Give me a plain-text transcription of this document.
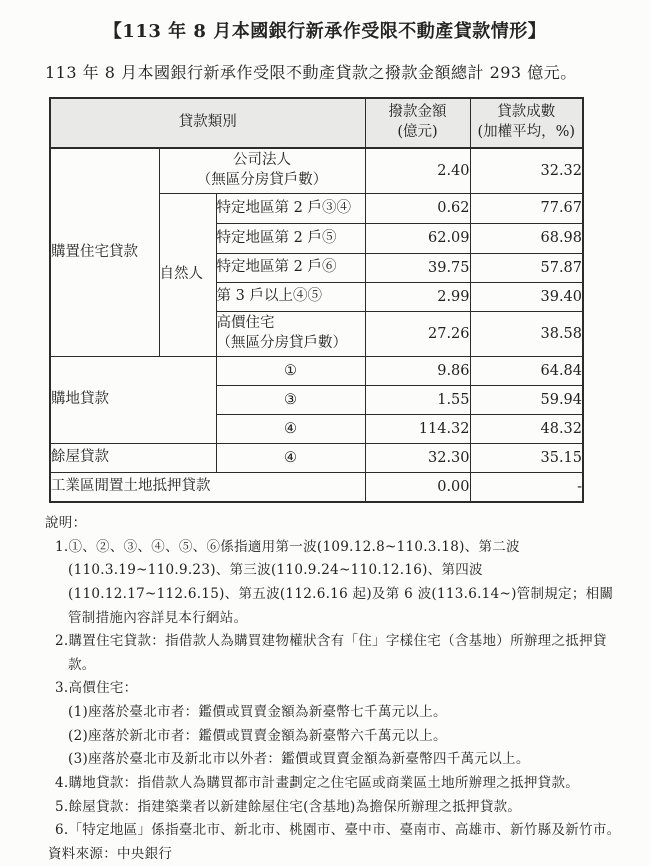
【113 年 8 月本國銀行新承作受限不動產貸款情形】
113 年 8 月本國銀行新承作受限不動產貸款之撥款金額總計 293 億元。
貸款類別			撥款金額
(億元)	貸款成數
(加權平均，%)
購置住宅貸款	公司法人
（無區分房貸戶數）		2.40	32.32
	自然人	特定地區第 2 戶③④	0.62	77.67
		特定地區第 2 戶⑤	62.09	68.98
		特定地區第 2 戶⑥	39.75	57.87
		第 3 戶以上④⑤	2.99	39.40
		高價住宅
（無區分房貸戶數）	27.26	38.58
購地貸款		①	9.86	64.84
		③	1.55	59.94
		④	114.32	48.32
餘屋貸款		④	32.30	35.15
工業區閒置土地抵押貸款			0.00	-
說明：
1.①、②、③、④、⑤、⑥係指適用第一波(109.12.8~110.3.18)、第二波(110.3.19~110.9.23)、第三波(110.9.24~110.12.16)、第四波(110.12.17~112.6.15)、第五波(112.6.16 起)及第 6 波(113.6.14~)管制規定；相關管制措施內容詳見本行網站。
2.購置住宅貸款：指借款人為購買建物權狀含有「住」字樣住宅（含基地）所辦理之抵押貸款。
3.高價住宅：
(1)座落於臺北市者：鑑價或買賣金額為新臺幣七千萬元以上。
(2)座落於新北市者：鑑價或買賣金額為新臺幣六千萬元以上。
(3)座落於臺北市及新北市以外者：鑑價或買賣金額為新臺幣四千萬元以上。
4.購地貸款：指借款人為購買都市計畫劃定之住宅區或商業區土地所辦理之抵押貸款。
5.餘屋貸款：指建築業者以新建餘屋住宅(含基地)為擔保所辦理之抵押貸款。
6.「特定地區」係指臺北市、新北市、桃園市、臺中市、臺南市、高雄市、新竹縣及新竹市。
資料來源：中央銀行
